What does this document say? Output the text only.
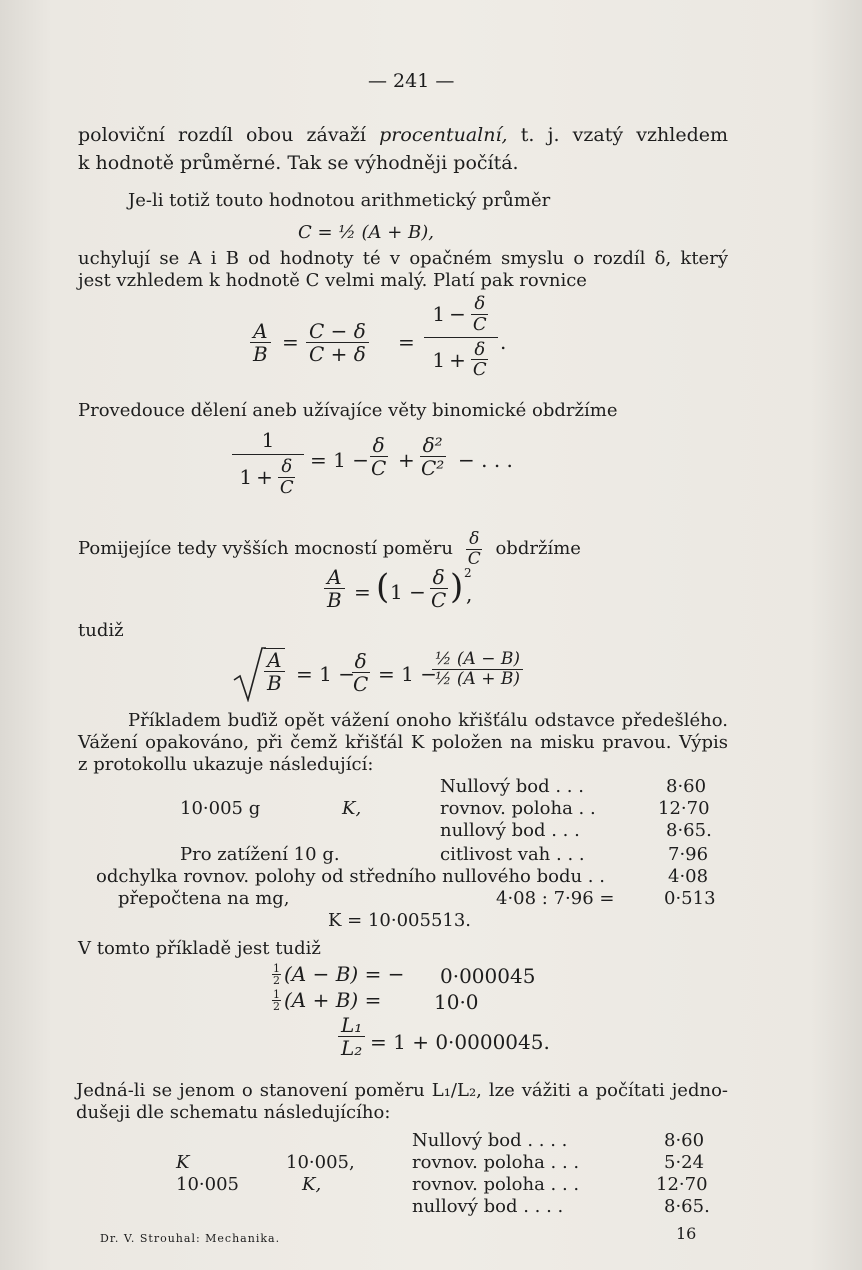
— 241 —
poloviční rozdíl obou závaží procentualní, t. j. vzatý vzhledem
k hodnotě průměrné. Tak se výhodněji počítá.
Je-li totiž touto hodnotou arithmetický průměr
C = ½ (A + B),
uchylují se A i B od hodnoty té v opačném smyslu o rozdíl δ, který
jest vzhledem k hodnotě C velmi malý. Platí pak rovnice
$\frac{A}{B} = \frac{C - \delta}{C + \delta}$ =
$1 - \frac{\delta}{C}$
$1 + \frac{\delta}{C}$ .
Provedouce dělení aneb užívajíce věty binomické obdržíme
1
$1 + \frac{\delta}{C} = 1 - \frac{\delta}{C} + \frac{\text{δ²}}{\text{C²}}$ − . . .
Pomijejíce tedy vyšších mocností poměru $\frac{\delta}{C}$ obdržíme
$\frac{A}{B}$ = ( $1 - \frac{\delta}{C}$ ) 2
,
tudiž
$\frac{A}{B} = 1$ −
$\frac{\delta}{C} = 1$ −
$\frac{\text{½ (A − B)}}{\text{½ (A + B)}}$
Příkladem buďiž opět vážení onoho křišťálu odstavce předešlého.
Vážení opakováno, při čemž křišťál K položen na misku pravou. Výpis
z protokollu ukazuje následující:
Nullový bod . . .	8·60
10·005 g	K,	rovnov. poloha . .	12·70
nullový bod . . .	8·65.
Pro zatížení 10 g.	citlivost vah . . .	7·96
odchylka rovnov. polohy od středního nullového bodu . .	4·08
přepočtena na mg,	4·08 : 7·96 =	0·513
K = 10·005513.
V tomto příkladě jest tudiž
1
2 (A − B) = − 0·000045
1
2 (A + B) =	10·0
$\frac{\text{L₁}}{\text{L₂}} = 1 + 0\cdot 0000045$.
Jedná-li se jenom o stanovení poměru L₁/L₂, lze vážiti a počítati jedno-
dušeji dle schematu následujícího:
Nullový bod . . . .	8·60
K	10·005,	rovnov. poloha . . .	5·24
10·005	K,	rovnov. poloha . . .	12·70
nullový bod . . . .	8·65.
Dr. V. Strouhal: Mechanika.	16
